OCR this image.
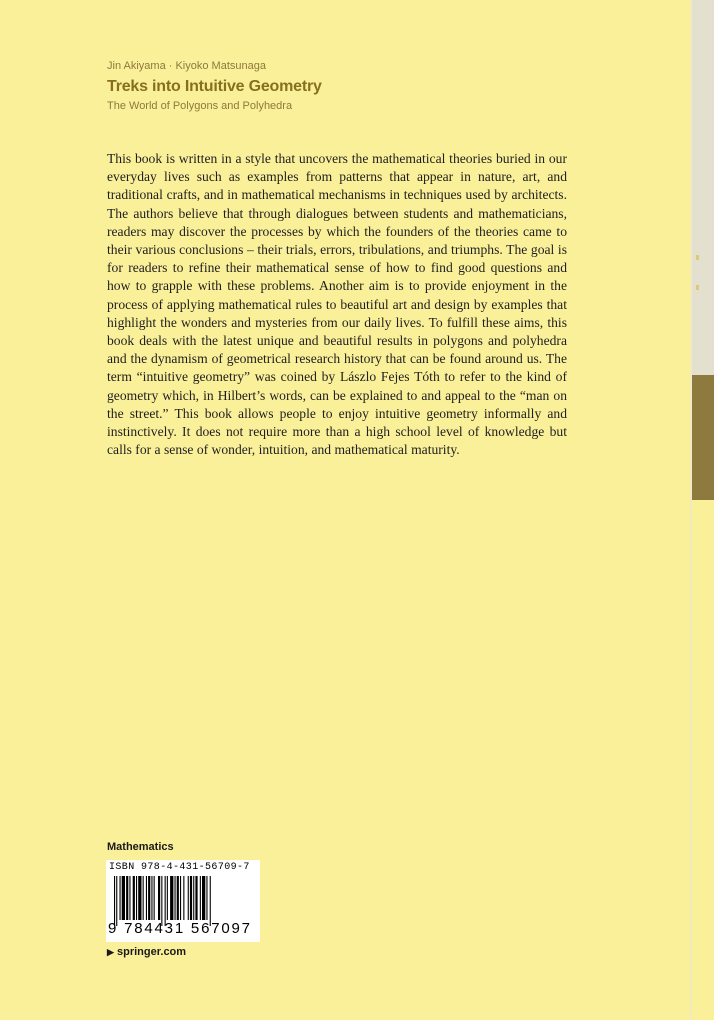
Jin Akiyama · Kiyoko Matsunaga
Treks into Intuitive Geometry
The World of Polygons and Polyhedra

This book is written in a style that uncovers the mathematical theories buried in our everyday lives such as examples from patterns that appear in nature, art, and traditional crafts, and in mathematical mechanisms in techniques used by architects. The authors believe that through dialogues between students and mathematicians, readers may discover the processes by which the founders of the theories came to their various conclusions – their trials, errors, tribulations, and triumphs. The goal is for readers to refine their mathematical sense of how to find good questions and how to grapple with these problems. Another aim is to provide enjoyment in the process of applying mathematical rules to beautiful art and design by examples that highlight the wonders and mysteries from our daily lives. To fulfill these aims, this book deals with the latest unique and beautiful results in polygons and polyhedra and the dynamism of geometrical research history that can be found around us. The term “intuitive geometry” was coined by Lászlo Fejes Tóth to refer to the kind of geometry which, in Hilbert’s words, can be explained to and appeal to the “man on the street.” This book allows people to enjoy intuitive geometry informally and instinctively. It does not require more than a high school level of knowledge but calls for a sense of wonder, intuition, and mathematical maturity.

Mathematics
ISBN 978-4-431-56709-7
9 784431 567097
▶ springer.com
